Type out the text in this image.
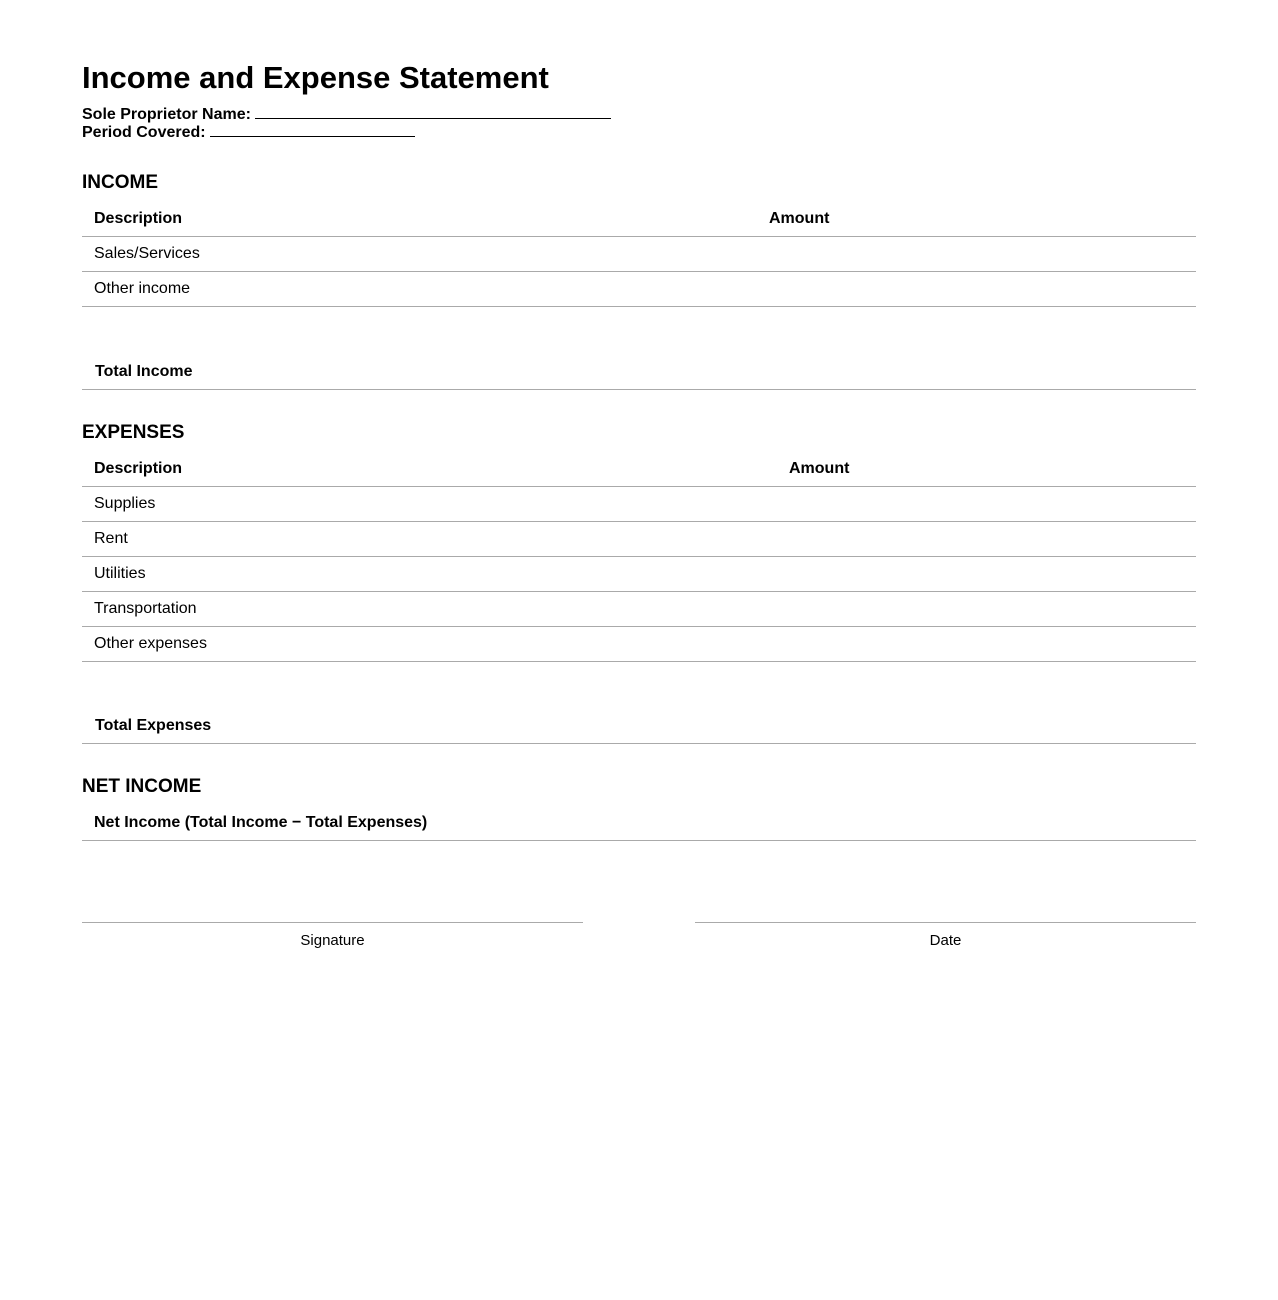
Income and Expense Statement
Sole Proprietor Name:
Period Covered:
INCOME
Description	Amount
Sales/Services	
Other income	
Total Income
EXPENSES
Description	Amount
Supplies	
Rent	
Utilities	
Transportation	
Other expenses	
Total Expenses
NET INCOME
Net Income (Total Income − Total Expenses)
Signature	Date
